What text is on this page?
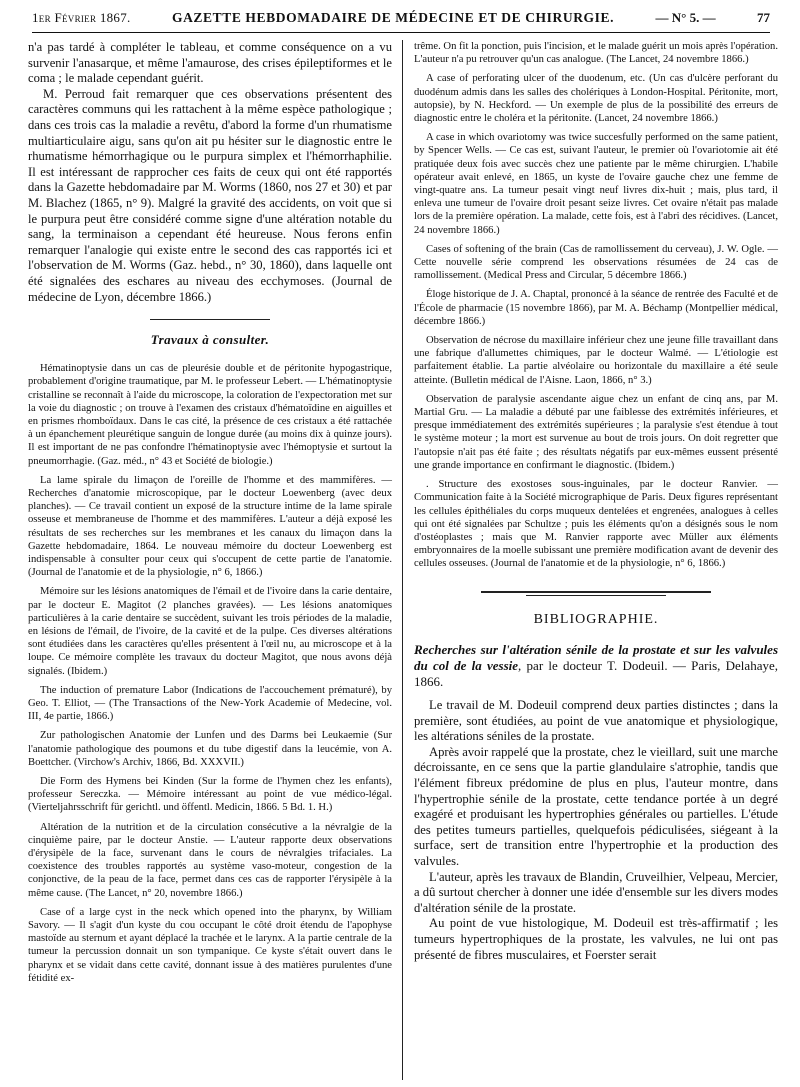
1er Février 1867.	GAZETTE HEBDOMADAIRE DE MÉDECINE ET DE CHIRURGIE.	— N° 5. —	77

n'a pas tardé à compléter le tableau, et comme conséquence on a vu survenir l'anasarque, et même l'amaurose, des crises épileptiformes et le coma ; le malade cependant guérit.

M. Perroud fait remarquer que ces observations présentent des caractères communs qui les rattachent à la même espèce pathologique ; dans ces trois cas la maladie a revêtu, d'abord la forme d'un rhumatisme multiarticulaire aigu, sans qu'on ait pu hésiter sur le diagnostic entre le rhumatisme hémorrhagique ou le purpura simplex et l'hémorrhaphilie. Il est intéressant de rapprocher ces faits de ceux qui ont été rapportés dans la Gazette hebdomadaire par M. Worms (1860, nos 27 et 30) et par M. Blachez (1865, n° 9). Malgré la gravité des accidents, on voit que si le purpura peut être considéré comme signe d'une altération notable du sang, la terminaison a cependant été heureuse. Nous ferons enfin remarquer l'analogie qui existe entre le second des cas rapportés ici et l'observation de M. Worms (Gaz. hebd., n° 30, 1860), dans laquelle ont été signalées des eschares au niveau des ecchymoses. (Journal de médecine de Lyon, décembre 1866.)

Travaux à consulter.

Hématinoptysie dans un cas de pleurésie double et de péritonite hypogastrique, probablement d'origine traumatique, par M. le professeur Lebert. — L'hématinoptysie cristalline se reconnaît à l'aide du microscope, la coloration de l'expectoration met sur la voie du diagnostic ; on trouve à l'examen des cristaux d'hématoïdine en aiguilles et en prismes rhomboïdaux. Dans le cas cité, la présence de ces cristaux a été rattachée à un épanchement pleurétique sanguin de longue durée (au moins dix à quinze jours). Il est important de ne pas confondre l'hématinoptysie avec l'hémoptysie et surtout la pneumorrhagie. (Gaz. méd., n° 43 et Société de biologie.)

La lame spirale du limaçon de l'oreille de l'homme et des mammifères. — Recherches d'anatomie microscopique, par le docteur Loewenberg (avec deux planches). — Ce travail contient un exposé de la structure intime de la lame spirale osseuse et membraneuse de l'homme et des mammifères. L'auteur a déjà exposé les résultats de ses recherches sur les membranes et les canaux du limaçon dans la Gazette hebdomadaire, 1864. Le nouveau mémoire du docteur Loewenberg est indispensable à consulter pour ceux qui s'occupent de cette partie de l'anatomie. (Journal de l'anatomie et de la physiologie, n° 6, 1866.)

Mémoire sur les lésions anatomiques de l'émail et de l'ivoire dans la carie dentaire, par le docteur E. Magitot (2 planches gravées). — Les lésions anatomiques particulières à la carie dentaire se succèdent, suivant les trois périodes de la maladie, en lésions de l'émail, de l'ivoire, de la cavité et de la pulpe. Ces diverses altérations sont étudiées dans les caractères qu'elles présentent à l'œil nu, au microscope et à la loupe. Ce mémoire complète les travaux du docteur Magitot, que nous avons déjà signalés. (Ibidem.)

The induction of premature Labor (Indications de l'accouchement prématuré), by Geo. T. Elliot, — (The Transactions of the New-York Academie of Medecine, vol. III, 4e partie, 1866.)

Zur pathologischen Anatomie der Lunfen und des Darms bei Leukaemie (Sur l'anatomie pathologique des poumons et du tube digestif dans la leucémie, von A. Boettcher. (Virchow's Archiv, 1866, Bd. XXXVII.)

Die Form des Hymens bei Kinden (Sur la forme de l'hymen chez les enfants), professeur Sereczka. — Mémoire intéressant au point de vue médico-légal. (Vierteljahrsschrift für gerichtl. und öffentl. Medicin, 1866. 5 Bd. 1. H.)

Altération de la nutrition et de la circulation consécutive a la névralgie de la cinquième paire, par le docteur Anstie. — L'auteur rapporte deux observations d'érysipèle de la face, survenant dans le cours de névralgies trifaciales. La coexistence des troubles rapportés au système vaso-moteur, congestion de la conjonctive, de la peau de la face, permet dans ces cas de rapporter l'érysipèle à la même cause. (The Lancet, n° 20, novembre 1866.)

Case of a large cyst in the neck which opened into the pharynx, by William Savory. — Il s'agit d'un kyste du cou occupant le côté droit étendu de l'apophyse mastoïde au sternum et ayant déplacé la trachée et le larynx. A la partie centrale de la tumeur la percussion donnait un son tympanique. Ce kyste s'était ouvert dans le pharynx et se vidait dans cette cavité, donnant issue à des matières purulentes d'une fétidité ex-

trême. On fit la ponction, puis l'incision, et le malade guérit un mois après l'opération. L'auteur n'a pu retrouver qu'un cas analogue. (The Lancet, 24 novembre 1866.)

A case of perforating ulcer of the duodenum, etc. (Un cas d'ulcère perforant du duodénum admis dans les salles des cholériques à London-Hospital. Péritonite, mort, autopsie), by N. Heckford. — Un exemple de plus de la possibilité des erreurs de diagnostic entre le choléra et la péritonite. (Lancet, 24 novembre 1866.)

A case in which ovariotomy was twice succesfully performed on the same patient, by Spencer Wells. — Ce cas est, suivant l'auteur, le premier où l'ovariotomie ait été pratiquée deux fois avec succès chez une patiente par le même chirurgien. L'habile opérateur avait enlevé, en 1865, un kyste de l'ovaire gauche chez une femme de vingt-quatre ans. La tumeur pesait vingt neuf livres dix-huit ; mais, plus tard, il enleva une tumeur de l'ovaire droit pesant seize livres. Cet ovaire n'était pas malade lors de la première opération. La malade, cette fois, est à l'abri des récidives. (Lancet, 24 novembre 1866.)

Cases of softening of the brain (Cas de ramollissement du cerveau), J. W. Ogle. — Cette nouvelle série comprend les observations résumées de 24 cas de ramollissement. (Medical Press and Circular, 5 décembre 1866.)

Éloge historique de J. A. Chaptal, prononcé à la séance de rentrée des Faculté et de l'École de pharmacie (15 novembre 1866), par M. A. Béchamp (Montpellier médical, décembre 1866.)

Observation de nécrose du maxillaire inférieur chez une jeune fille travaillant dans une fabrique d'allumettes chimiques, par le docteur Walmé. — L'étiologie est parfaitement établie. La partie alvéolaire ou horizontale du maxillaire a été seule atteinte. (Bulletin médical de l'Aisne. Laon, 1866, n° 3.)

Observation de paralysie ascendante aigue chez un enfant de cinq ans, par M. Martial Gru. — La maladie a débuté par une faiblesse des extrémités inférieures, et presque immédiatement des extrémités supérieures ; la paralysie s'est étendue à tout le système moteur ; la mort est survenue au bout de trois jours. On doit regretter que l'autopsie n'ait pas été faite ; des résultats négatifs par eux-mêmes eussent présenté une grande importance en confirmant le diagnostic. (Ibidem.)

. Structure des exostoses sous-inguinales, par le docteur Ranvier. — Communication faite à la Société micrographique de Paris. Deux figures représentant les cellules épithéliales du corps muqueux dentelées et engrenées, analogues à celles qui ont été signalées par Schultze ; puis les éléments qu'on a désignés sous le nom d'ostéoplastes ; mais que M. Ranvier rapporte avec Müller aux éléments embryonnaires de la moelle subissant une première modification avant de devenir des cellules osseuses. (Journal de l'anatomie et de la physiologie, n° 6, 1866.)

BIBLIOGRAPHIE.

Recherches sur l'altération sénile de la prostate et sur les valvules du col de la vessie, par le docteur T. Dodeuil. — Paris, Delahaye, 1866.

Le travail de M. Dodeuil comprend deux parties distinctes ; dans la première, sont étudiées, au point de vue anatomique et physiologique, les altérations séniles de la prostate.

Après avoir rappelé que la prostate, chez le vieillard, suit une marche décroissante, en ce sens que la partie glandulaire s'atrophie, tandis que l'élément fibreux prédomine de plus en plus, l'auteur montre, dans l'hypertrophie sénile de la prostate, cette tendance portée à un degré exagéré et produisant les hypertrophies générales ou partielles. L'étude des petites tumeurs partielles, quelquefois pédiculisées, siégeant à la surface, sert de transition entre l'hypertrophie et la production des valvules.

L'auteur, après les travaux de Blandin, Cruveilhier, Velpeau, Mercier, a dû surtout chercher à donner une idée d'ensemble sur les divers modes d'altération sénile de la prostate.

Au point de vue histologique, M. Dodeuil est très-affirmatif ; les tumeurs hypertrophiques de la prostate, les valvules, ne lui ont pas présenté de fibres musculaires, et Foerster serait
